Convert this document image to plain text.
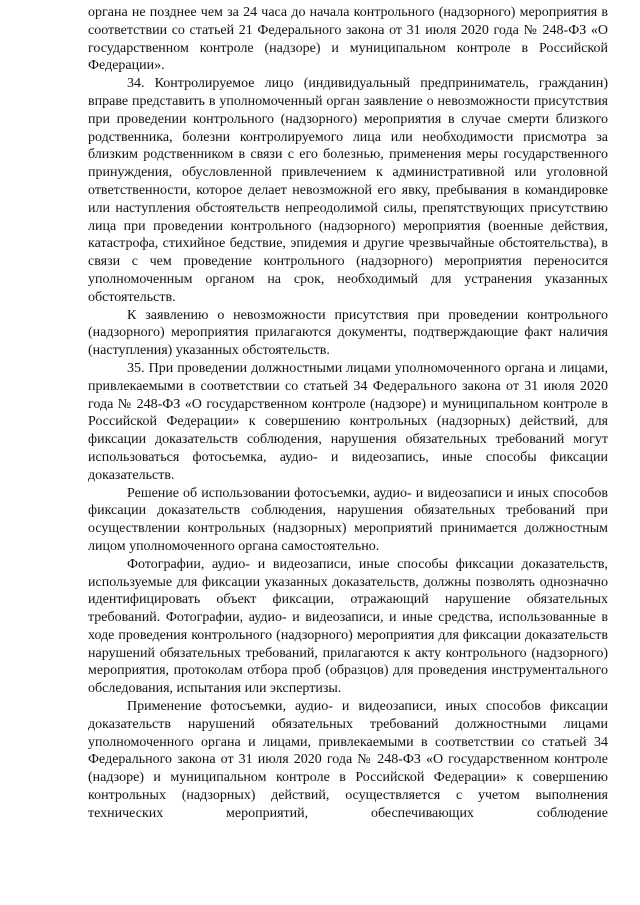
органа не позднее чем за 24 часа до начала контрольного (надзорного) мероприятия в соответствии со статьей 21 Федерального закона от 31 июля 2020 года № 248-ФЗ «О государственном контроле (надзоре) и муниципальном контроле в Российской Федерации».

34. Контролируемое лицо (индивидуальный предприниматель, гражданин) вправе представить в уполномоченный орган заявление о невозможности присутствия при проведении контрольного (надзорного) мероприятия в случае смерти близкого родственника, болезни контролируемого лица или необходимости присмотра за близким родственником в связи с его болезнью, применения меры государственного принуждения, обусловленной привлечением к административной или уголовной ответственности, которое делает невозможной его явку, пребывания в командировке или наступления обстоятельств непреодолимой силы, препятствующих присутствию лица при проведении контрольного (надзорного) мероприятия (военные действия, катастрофа, стихийное бедствие, эпидемия и другие чрезвычайные обстоятельства), в связи с чем проведение контрольного (надзорного) мероприятия переносится уполномоченным органом на срок, необходимый для устранения указанных обстоятельств.

К заявлению о невозможности присутствия при проведении контрольного (надзорного) мероприятия прилагаются документы, подтверждающие факт наличия (наступления) указанных обстоятельств.

35. При проведении должностными лицами уполномоченного органа и лицами, привлекаемыми в соответствии со статьей 34 Федерального закона от 31 июля 2020 года № 248-ФЗ «О государственном контроле (надзоре) и муниципальном контроле в Российской Федерации» к совершению контрольных (надзорных) действий, для фиксации доказательств соблюдения, нарушения обязательных требований могут использоваться фотосъемка, аудио- и видеозапись, иные способы фиксации доказательств.

Решение об использовании фотосъемки, аудио- и видеозаписи и иных способов фиксации доказательств соблюдения, нарушения обязательных требований при осуществлении контрольных (надзорных) мероприятий принимается должностным лицом уполномоченного органа самостоятельно.

Фотографии, аудио- и видеозаписи, иные способы фиксации доказательств, используемые для фиксации указанных доказательств, должны позволять однозначно идентифицировать объект фиксации, отражающий нарушение обязательных требований. Фотографии, аудио- и видеозаписи, и иные средства, использованные в ходе проведения контрольного (надзорного) мероприятия для фиксации доказательств нарушений обязательных требований, прилагаются к акту контрольного (надзорного) мероприятия, протоколам отбора проб (образцов) для проведения инструментального обследования, испытания или экспертизы.

Применение фотосъемки, аудио- и видеозаписи, иных способов фиксации доказательств нарушений обязательных требований должностными лицами уполномоченного органа и лицами, привлекаемыми в соответствии со статьей 34 Федерального закона от 31 июля 2020 года № 248-ФЗ «О государственном контроле (надзоре) и муниципальном контроле в Российской Федерации» к совершению контрольных (надзорных) действий, осуществляется с учетом выполнения технических мероприятий, обеспечивающих соблюдение
